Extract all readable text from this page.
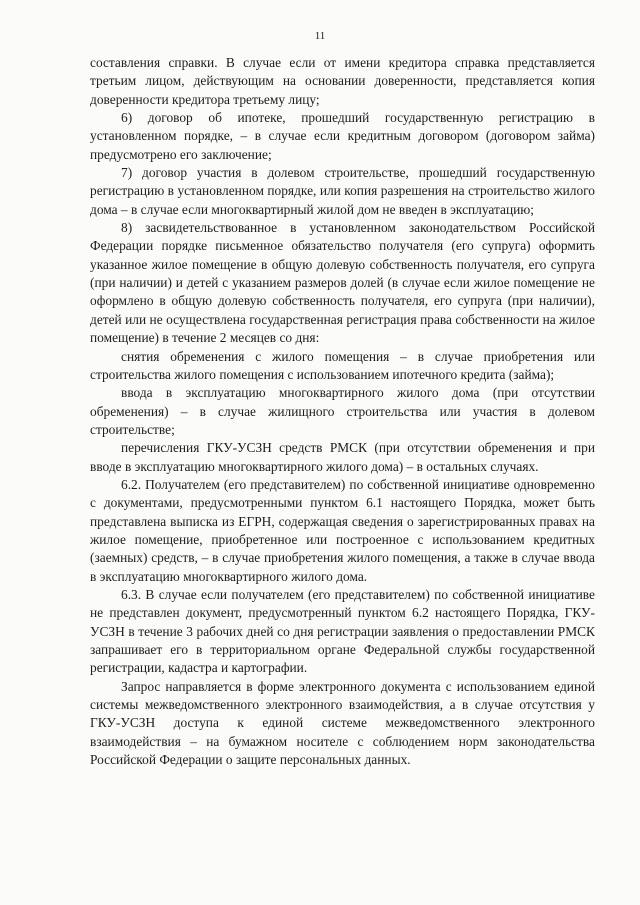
11

составления справки. В случае если от имени кредитора справка представляется третьим лицом, действующим на основании доверенности, представляется копия доверенности кредитора третьему лицу;

6) договор об ипотеке, прошедший государственную регистрацию в установленном порядке, – в случае если кредитным договором (договором займа) предусмотрено его заключение;

7) договор участия в долевом строительстве, прошедший государственную регистрацию в установленном порядке, или копия разрешения на строительство жилого дома – в случае если многоквартирный жилой дом не введен в эксплуатацию;

8) засвидетельствованное в установленном законодательством Российской Федерации порядке письменное обязательство получателя (его супруга) оформить указанное жилое помещение в общую долевую собственность получателя, его супруга (при наличии) и детей с указанием размеров долей (в случае если жилое помещение не оформлено в общую долевую собственность получателя, его супруга (при наличии), детей или не осуществлена государственная регистрация права собственности на жилое помещение) в течение 2 месяцев со дня:

снятия обременения с жилого помещения – в случае приобретения или строительства жилого помещения с использованием ипотечного кредита (займа);

ввода в эксплуатацию многоквартирного жилого дома (при отсутствии обременения) – в случае жилищного строительства или участия в долевом строительстве;

перечисления ГКУ-УСЗН средств РМСК (при отсутствии обременения и при вводе в эксплуатацию многоквартирного жилого дома) – в остальных случаях.

6.2. Получателем (его представителем) по собственной инициативе одновременно с документами, предусмотренными пунктом 6.1 настоящего Порядка, может быть представлена выписка из ЕГРН, содержащая сведения о зарегистрированных правах на жилое помещение, приобретенное или построенное с использованием кредитных (заемных) средств, – в случае приобретения жилого помещения, а также в случае ввода в эксплуатацию многоквартирного жилого дома.

6.3. В случае если получателем (его представителем) по собственной инициативе не представлен документ, предусмотренный пунктом 6.2 настоящего Порядка, ГКУ-УСЗН в течение 3 рабочих дней со дня регистрации заявления о предоставлении РМСК запрашивает его в территориальном органе Федеральной службы государственной регистрации, кадастра и картографии.

Запрос направляется в форме электронного документа с использованием единой системы межведомственного электронного взаимодействия, а в случае отсутствия у ГКУ-УСЗН доступа к единой системе межведомственного электронного взаимодействия – на бумажном носителе с соблюдением норм законодательства Российской Федерации о защите персональных данных.
